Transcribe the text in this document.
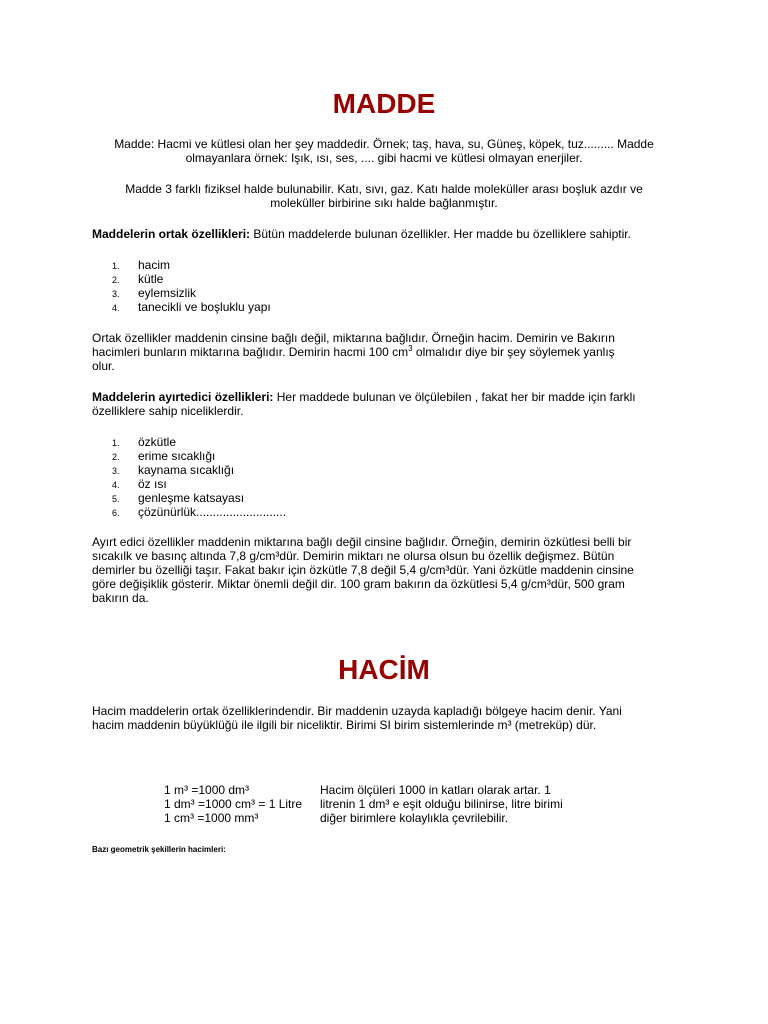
MADDE
Madde: Hacmi ve kütlesi olan her şey maddedir. Örnek; taş, hava, su, Güneş, köpek, tuz......... Madde
olmayanlara örnek: Işık, ısı, ses, .... gibi hacmi ve kütlesi olmayan enerjiler.
Madde 3 farklı fiziksel halde bulunabilir. Katı, sıvı, gaz. Katı halde moleküller arası boşluk azdır ve
moleküller birbirine sıkı halde bağlanmıştır.
Maddelerin ortak özellikleri: Bütün maddelerde bulunan özellikler. Her madde bu özelliklere sahiptir.
1. hacim
2. kütle
3. eylemsizlik
4. tanecikli ve boşluklu yapı
Ortak özellikler maddenin cinsine bağlı değil, miktarına bağlıdır. Örneğin hacim. Demirin ve Bakırın
hacimleri bunların miktarına bağlıdır. Demirin hacmi 100 $cm^3$ olmalıdır diye bir şey söylemek yanlış
olur.
Maddelerin ayırtedici özellikleri: Her maddede bulunan ve ölçülebilen , fakat her bir madde için farklı
özelliklere sahip niceliklerdir.
1. özkütle
2. erime sıcaklığı
3. kaynama sıcaklığı
4. öz ısı
5. genleşme katsayası
6. çözünürlük...........................
Ayırt edici özellikler maddenin miktarına bağlı değil cinsine bağlıdır. Örneğin, demirin özkütlesi belli bir
sıcakılk ve basınç altında 7,8 g/cm³dür. Demirin miktarı ne olursa olsun bu özellik değişmez. Bütün
demirler bu özelliği taşır. Fakat bakır için özkütle 7,8 değil 5,4 g/cm³dür. Yani özkütle maddenin cinsine
göre değişiklik gösterir. Miktar önemli değil dir. 100 gram bakırın da özkütlesi 5,4 g/cm³dür, 500 gram
bakırın da.
HACİM
Hacim maddelerin ortak özelliklerindendir. Bir maddenin uzayda kapladığı bölgeye hacim denir. Yani
hacim maddenin büyüklüğü ile ilgili bir niceliktir. Birimi SI birim sistemlerinde m³ (metreküp) dür.
1 m³ =1000 dm³
1 dm³ =1000 cm³ = 1 Litre
1 cm³ =1000 mm³
Hacim ölçüleri 1000 in katları olarak artar. 1
litrenin 1 dm³ e eşit olduğu bilinirse, litre birimi
diğer birimlere kolaylıkla çevrilebilir.
Bazı geometrik şekillerin hacimleri:
